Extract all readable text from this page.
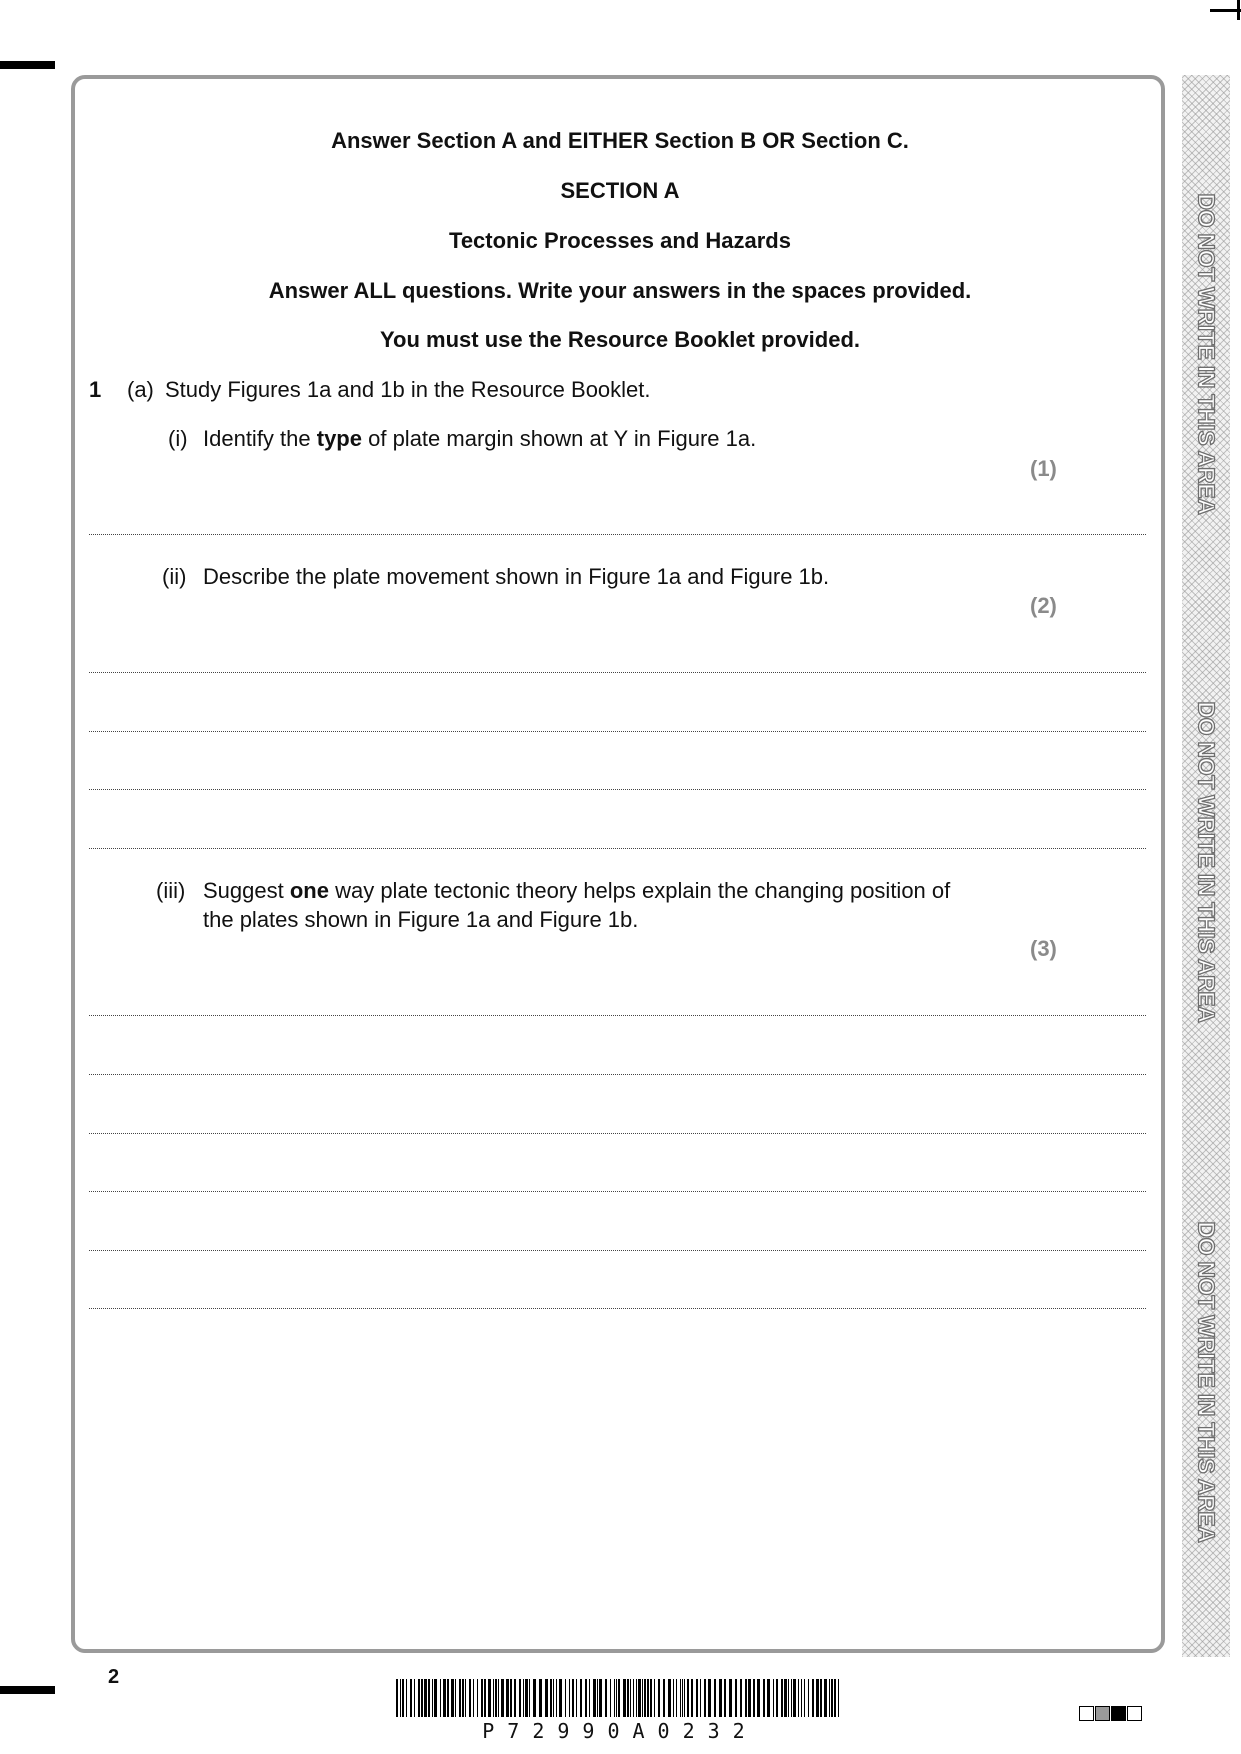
DO NOT WRITE IN THIS AREA
DO NOT WRITE IN THIS AREA
DO NOT WRITE IN THIS AREA
Answer Section A and EITHER Section B OR Section C.
SECTION A
Tectonic Processes and Hazards
Answer ALL questions. Write your answers in the spaces provided.
You must use the Resource Booklet provided.
1 (a) Study Figures 1a and 1b in the Resource Booklet.
(i) Identify the type of plate margin shown at Y in Figure 1a.
(1)
(ii) Describe the plate movement shown in Figure 1a and Figure 1b.
(2)
(iii) Suggest one way plate tectonic theory helps explain the changing position of
the plates shown in Figure 1a and Figure 1b.
(3)
2
P72990A0232
